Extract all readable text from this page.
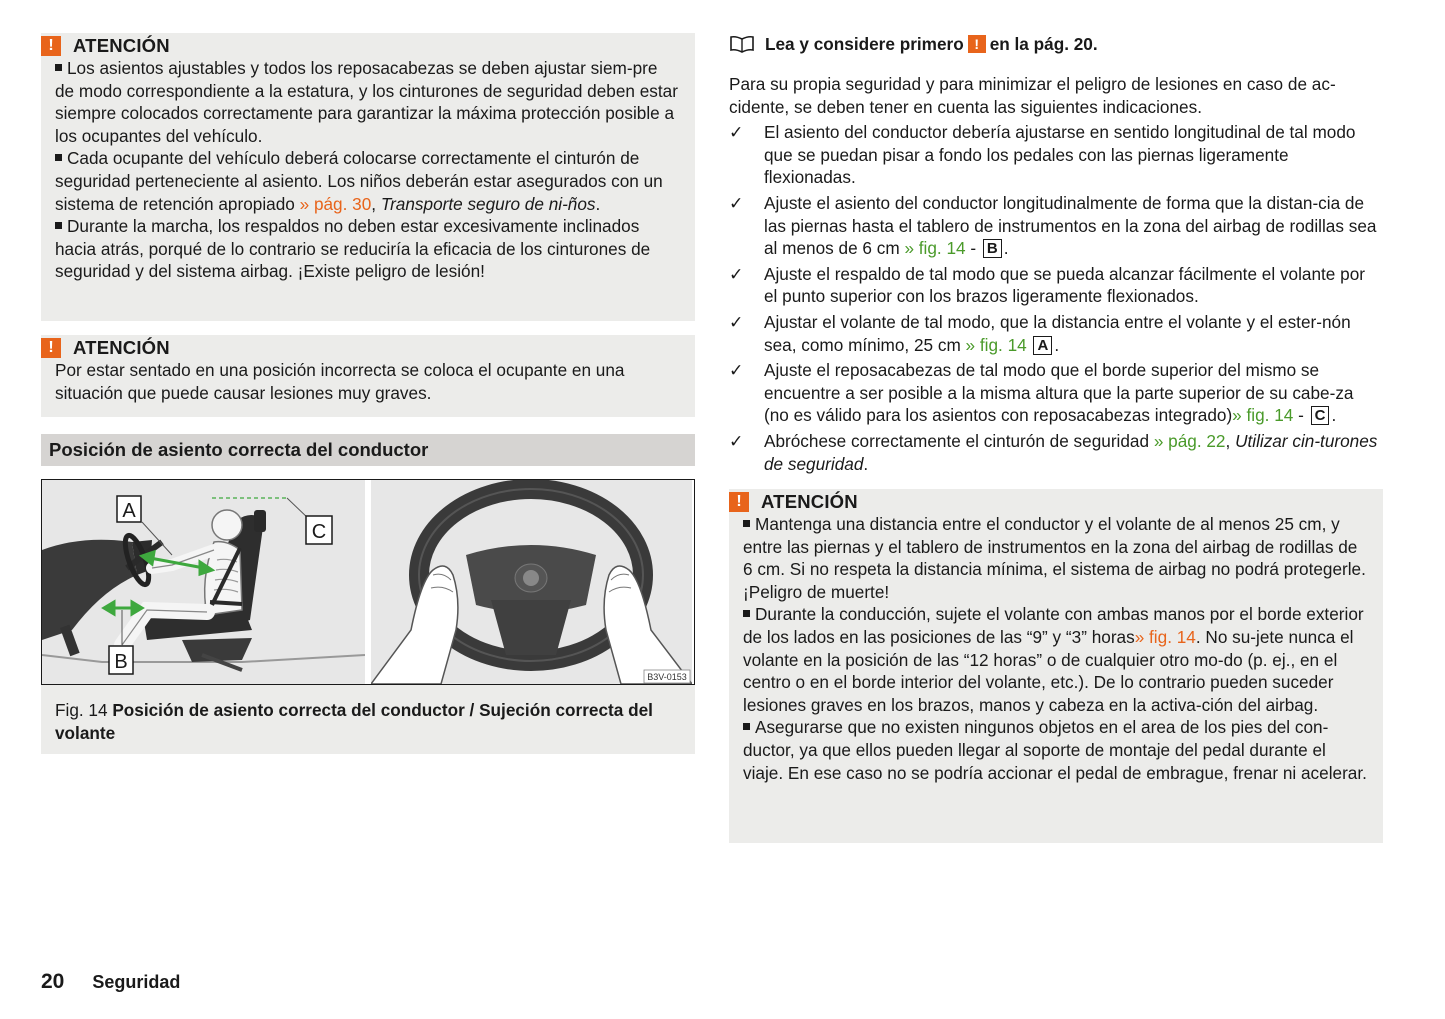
!	ATENCIÓN

Los asientos ajustables y todos los reposacabezas se deben ajustar siem-pre de modo correspondiente a la estatura, y los cinturones de seguridad deben estar siempre colocados correctamente para garantizar la máxima protección posible a los ocupantes del vehículo.

Cada ocupante del vehículo deberá colocarse correctamente el cinturón de seguridad perteneciente al asiento. Los niños deberán estar asegurados con un sistema de retención apropiado » pág. 30, Transporte seguro de ni-ños.

Durante la marcha, los respaldos no deben estar excesivamente inclinados hacia atrás, porqué de lo contrario se reduciría la eficacia de los cinturones de seguridad y del sistema airbag. ¡Existe peligro de lesión!

!	ATENCIÓN

Por estar sentado en una posición incorrecta se coloca el ocupante en una situación que puede causar lesiones muy graves.

Posición de asiento correcta del conductor
A
C
B
B3V-0153
Fig. 14 Posición de asiento correcta del conductor / Sujeción correcta del volante
Lea y considere primero ! en la pág. 20.

Para su propia seguridad y para minimizar el peligro de lesiones en caso de ac-cidente, se deben tener en cuenta las siguientes indicaciones.

✓ El asiento del conductor debería ajustarse en sentido longitudinal de tal modo que se puedan pisar a fondo los pedales con las piernas ligeramente flexionadas.
✓ Ajuste el asiento del conductor longitudinalmente de forma que la distan-cia de las piernas hasta el tablero de instrumentos en la zona del airbag de rodillas sea al menos de 6 cm » fig. 14 - B .
✓ Ajuste el respaldo de tal modo que se pueda alcanzar fácilmente el volante por el punto superior con los brazos ligeramente flexionados.
✓ Ajustar el volante de tal modo, que la distancia entre el volante y el ester-nón sea, como mínimo, 25 cm » fig. 14 A .
✓ Ajuste el reposacabezas de tal modo que el borde superior del mismo se encuentre a ser posible a la misma altura que la parte superior de su cabe-za (no es válido para los asientos con reposacabezas integrado)» fig. 14 - C .
✓ Abróchese correctamente el cinturón de seguridad » pág. 22, Utilizar cin-turones de seguridad.
!	ATENCIÓN

Mantenga una distancia entre el conductor y el volante de al menos 25 cm, y entre las piernas y el tablero de instrumentos en la zona del airbag de rodillas de 6 cm. Si no respeta la distancia mínima, el sistema de airbag no podrá protegerle. ¡Peligro de muerte!

Durante la conducción, sujete el volante con ambas manos por el borde exterior de los lados en las posiciones de las “9” y “3” horas» fig. 14. No su-jete nunca el volante en la posición de las “12 horas” o de cualquier otro mo-do (p. ej., en el centro o en el borde interior del volante, etc.). De lo contrario pueden suceder lesiones graves en los brazos, manos y cabeza en la activa-ción del airbag.

Asegurarse que no existen ningunos objetos en el area de los pies del con-ductor, ya que ellos pueden llegar al soporte de montaje del pedal durante el viaje. En ese caso no se podría accionar el pedal de embrague, frenar ni acelerar.

20 Seguridad
